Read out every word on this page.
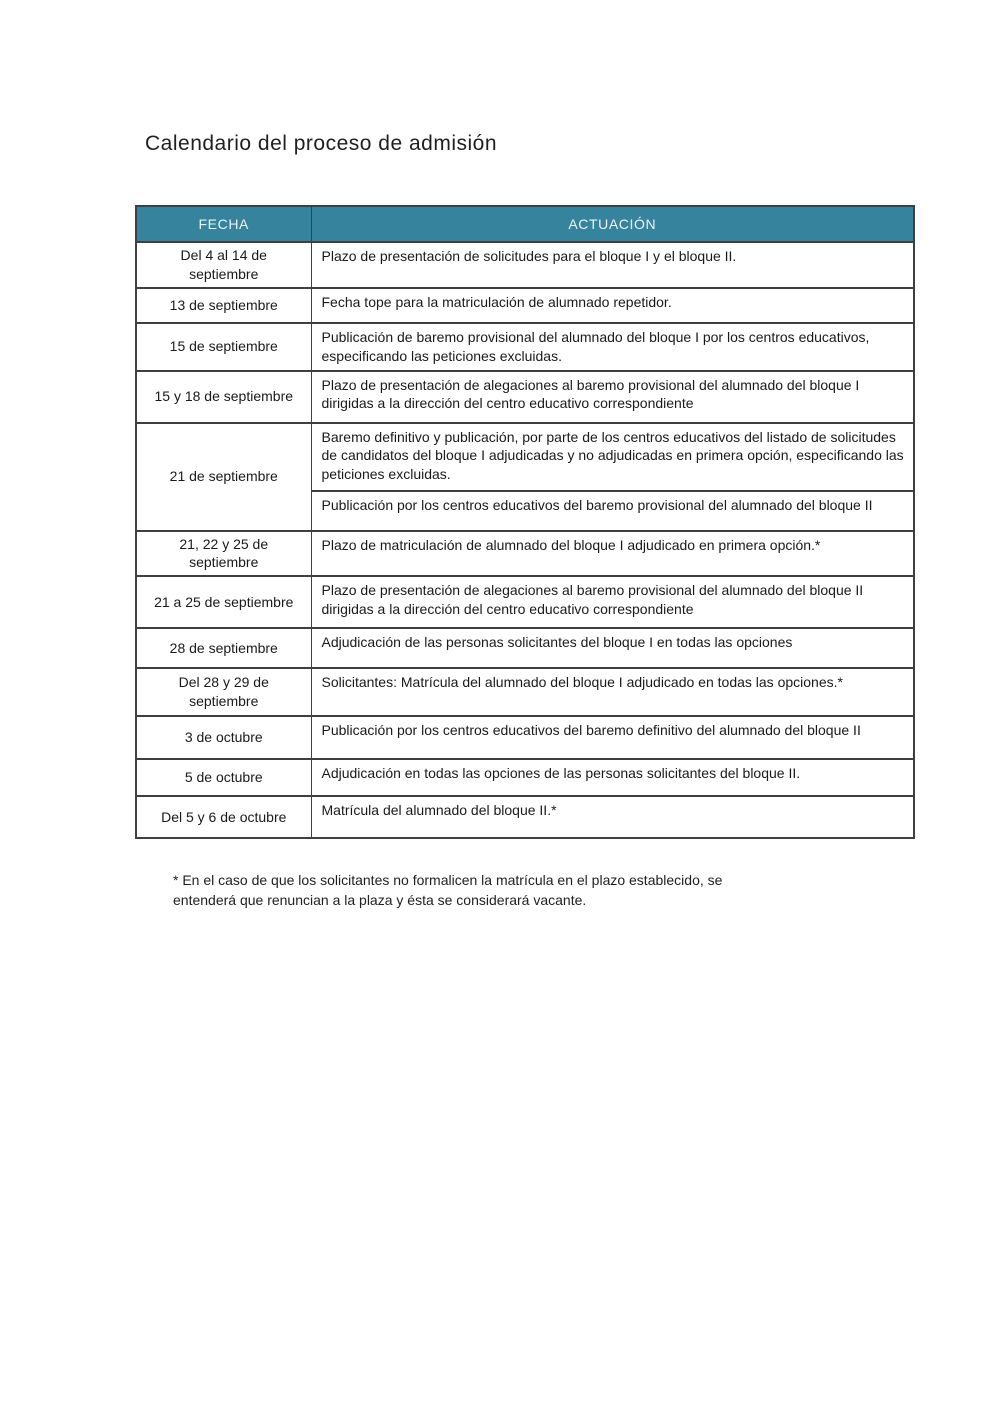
Calendario del proceso de admisión
FECHA	ACTUACIÓN
Del 4 al 14 de septiembre	Plazo de presentación de solicitudes para el bloque I y el bloque II.
13 de septiembre	Fecha tope para la matriculación de alumnado repetidor.
15 de septiembre	Publicación de baremo provisional del alumnado del bloque I por los centros educativos, especificando las peticiones excluidas.
15 y 18 de septiembre	Plazo de presentación de alegaciones al baremo provisional del alumnado del bloque I dirigidas a la dirección del centro educativo correspondiente
21 de septiembre	Baremo definitivo y publicación, por parte de los centros educativos del listado de solicitudes de candidatos del bloque I adjudicadas y no adjudicadas en primera opción, especificando las peticiones excluidas.
	Publicación por los centros educativos del baremo provisional del alumnado del bloque II
21, 22 y 25 de septiembre	Plazo de matriculación de alumnado del bloque I adjudicado en primera opción.*
21 a 25 de septiembre	Plazo de presentación de alegaciones al baremo provisional del alumnado del bloque II dirigidas a la dirección del centro educativo correspondiente
28 de septiembre	Adjudicación de las personas solicitantes del bloque I en todas las opciones
Del 28 y 29 de septiembre	Solicitantes: Matrícula del alumnado del bloque I adjudicado en todas las opciones.*
3 de octubre	Publicación por los centros educativos del baremo definitivo del alumnado del bloque II
5 de octubre	Adjudicación en todas las opciones de las personas solicitantes del bloque II.
Del 5 y 6 de octubre	Matrícula del alumnado del bloque II.*
* En el caso de que los solicitantes no formalicen la matrícula en el plazo establecido, se
entenderá que renuncian a la plaza y ésta se considerará vacante.
